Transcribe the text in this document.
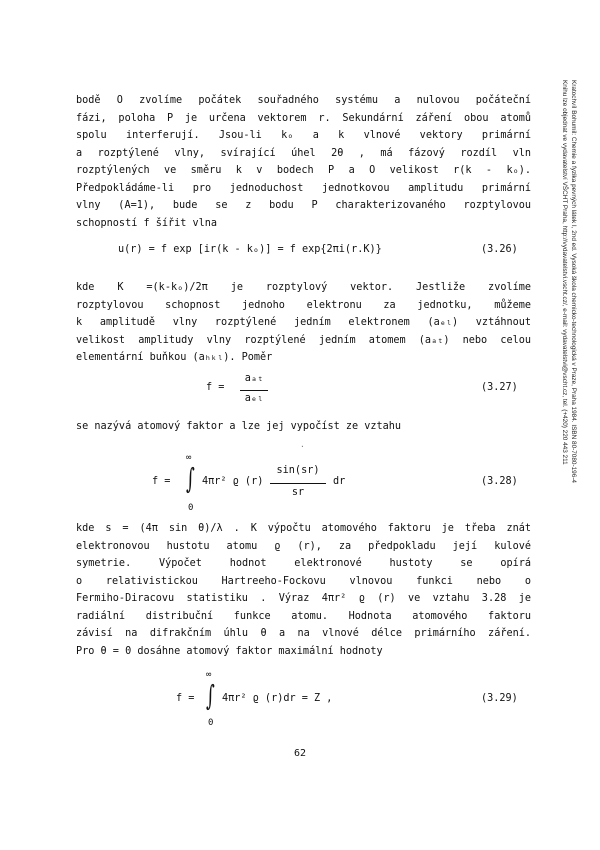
Kratochvíl Bohumil: Chemie a fyzika pevných látek I, 2nd ed. Vysoká škola chemicko-technologická v Praze, Praha 1984. ISBN 80-7080-196-4
Knihu lze objednat ve vydavatelství VŠCHT Praha, http://vydavatelstvi.vscht.cz/, e-mail: vydavatelstvi@vscht.cz, tel. (+420) 220 443 211
bodě O zvolíme počátek souřadného systému a nulovou počáteční
fázi, poloha P je určena vektorem r. Sekundární záření obou atomů
spolu interferují. Jsou-li kₒ a k vlnové vektory primární
a rozptýlené vlny, svírající úhel 2θ , má fázový rozdíl vln
rozptýlených ve směru k v bodech P a O velikost r(k - kₒ).
Předpokládáme-li pro jednoduchost jednotkovou amplitudu primární
vlny (A=1), bude se z bodu P charakterizovaného rozptylovou
schopností f šířit vlna
u(r) = f exp [ir(k - kₒ)] = f exp{2πi(r.K)}	(3.26)
kde K =(k-kₒ)/2π je rozptylový vektor. Jestliže zvolíme
rozptylovou schopnost jednoho elektronu za jednotku, můžeme
k amplitudě vlny rozptýlené jedním elektronem (aₑₗ) vztáhnout
velikost amplitudy vlny rozptýlené jedním atomem (aₐₜ) nebo celou
elementární buňkou (aₕₖₗ). Poměr
f =
aₐₜ
aₑₗ
(3.27)
se nazývá atomový faktor a lze jej vypočíst ze vztahu
·
f =
∞
∫
0
4πr² ϱ (r)
sin(sr)
sr
dr	(3.28)
kde s = (4π sin θ)/λ . K výpočtu atomového faktoru je třeba znát
elektronovou hustotu atomu ϱ (r), za předpokladu její kulové
symetrie. Výpočet hodnot elektronové hustoty se opírá
o relativistickou Hartreeho-Fockovu vlnovou funkci nebo o
Fermiho-Diracovu statistiku . Výraz 4πr² ϱ (r) ve vztahu 3.28 je
radiální distribuční funkce atomu. Hodnota atomového faktoru
závisí na difrakčním úhlu θ a na vlnové délce primárního záření.
Pro θ = 0 dosáhne atomový faktor maximální hodnoty
f =
∞
∫
0
4πr² ϱ (r)dr = Z ,	(3.29)
62
